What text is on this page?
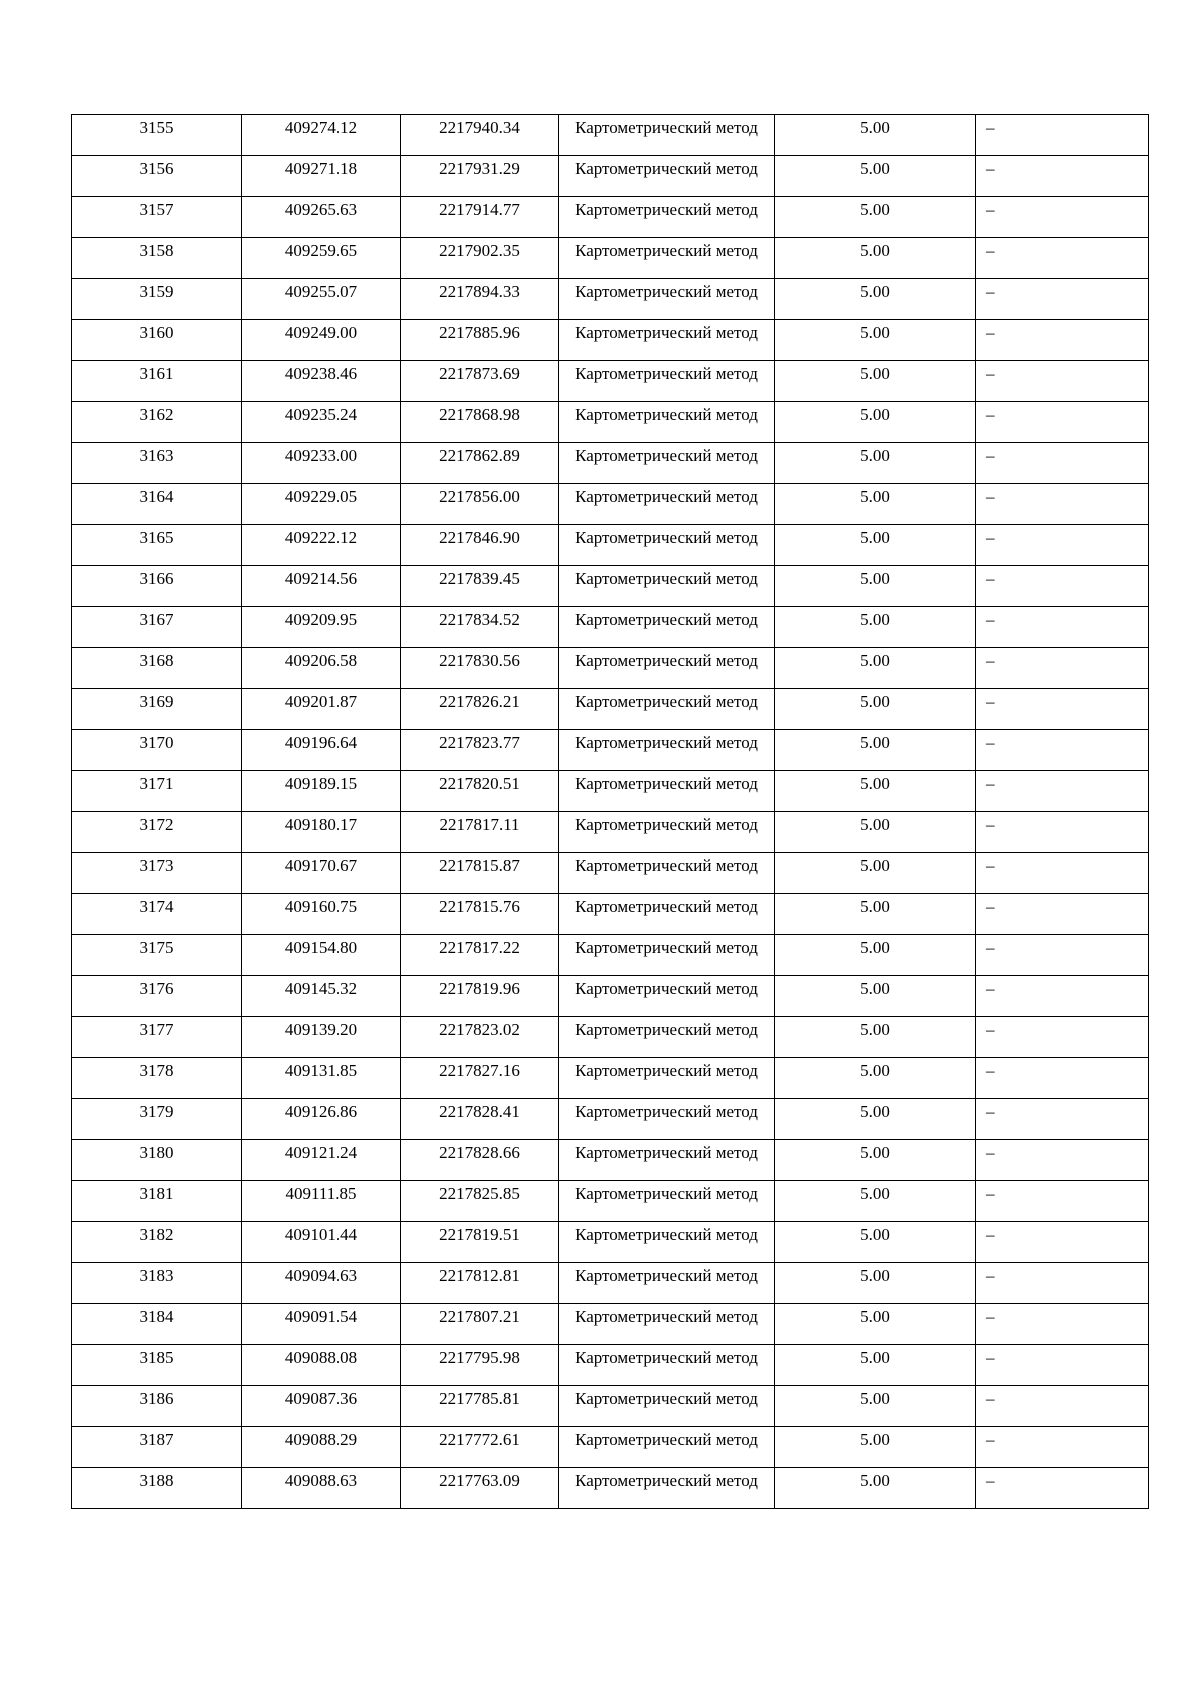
3155	409274.12	2217940.34	Картометрический метод	5.00	–

3156	409271.18	2217931.29	Картометрический метод	5.00	–

3157	409265.63	2217914.77	Картометрический метод	5.00	–

3158	409259.65	2217902.35	Картометрический метод	5.00	–

3159	409255.07	2217894.33	Картометрический метод	5.00	–

3160	409249.00	2217885.96	Картометрический метод	5.00	–

3161	409238.46	2217873.69	Картометрический метод	5.00	–

3162	409235.24	2217868.98	Картометрический метод	5.00	–

3163	409233.00	2217862.89	Картометрический метод	5.00	–

3164	409229.05	2217856.00	Картометрический метод	5.00	–

3165	409222.12	2217846.90	Картометрический метод	5.00	–

3166	409214.56	2217839.45	Картометрический метод	5.00	–

3167	409209.95	2217834.52	Картометрический метод	5.00	–

3168	409206.58	2217830.56	Картометрический метод	5.00	–

3169	409201.87	2217826.21	Картометрический метод	5.00	–

3170	409196.64	2217823.77	Картометрический метод	5.00	–

3171	409189.15	2217820.51	Картометрический метод	5.00	–

3172	409180.17	2217817.11	Картометрический метод	5.00	–

3173	409170.67	2217815.87	Картометрический метод	5.00	–

3174	409160.75	2217815.76	Картометрический метод	5.00	–

3175	409154.80	2217817.22	Картометрический метод	5.00	–

3176	409145.32	2217819.96	Картометрический метод	5.00	–

3177	409139.20	2217823.02	Картометрический метод	5.00	–

3178	409131.85	2217827.16	Картометрический метод	5.00	–

3179	409126.86	2217828.41	Картометрический метод	5.00	–

3180	409121.24	2217828.66	Картометрический метод	5.00	–

3181	409111.85	2217825.85	Картометрический метод	5.00	–

3182	409101.44	2217819.51	Картометрический метод	5.00	–

3183	409094.63	2217812.81	Картометрический метод	5.00	–

3184	409091.54	2217807.21	Картометрический метод	5.00	–

3185	409088.08	2217795.98	Картометрический метод	5.00	–

3186	409087.36	2217785.81	Картометрический метод	5.00	–

3187	409088.29	2217772.61	Картометрический метод	5.00	–

3188	409088.63	2217763.09	Картометрический метод	5.00	–
